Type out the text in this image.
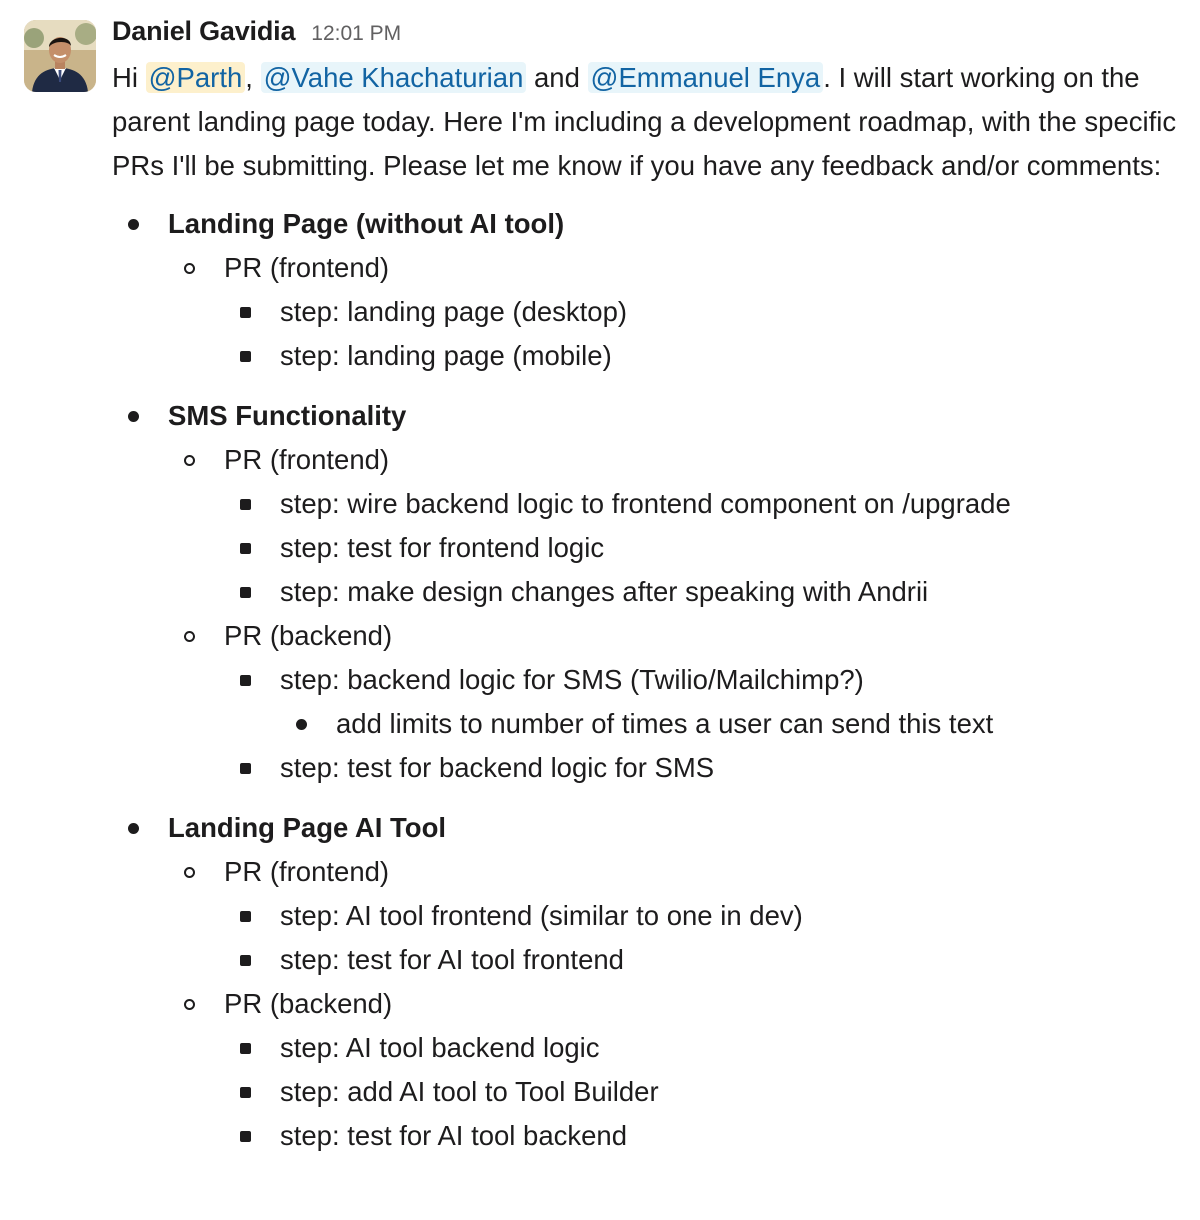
Daniel Gavidia 12:01 PM
Hi @Parth , @Vahe Khachaturian and @Emmanuel Enya . I will start working on the parent landing page today. Here I'm including a development roadmap, with the specific PRs I'll be submitting. Please let me know if you have any feedback and/or comments:
Landing Page (without AI tool)
PR (frontend)
step: landing page (desktop)
step: landing page (mobile)
SMS Functionality
PR (frontend)
step: wire backend logic to frontend component on /upgrade
step: test for frontend logic
step: make design changes after speaking with Andrii
PR (backend)
step: backend logic for SMS (Twilio/Mailchimp?)
add limits to number of times a user can send this text
step: test for backend logic for SMS
Landing Page AI Tool
PR (frontend)
step: AI tool frontend (similar to one in dev)
step: test for AI tool frontend
PR (backend)
step: AI tool backend logic
step: add AI tool to Tool Builder
step: test for AI tool backend
